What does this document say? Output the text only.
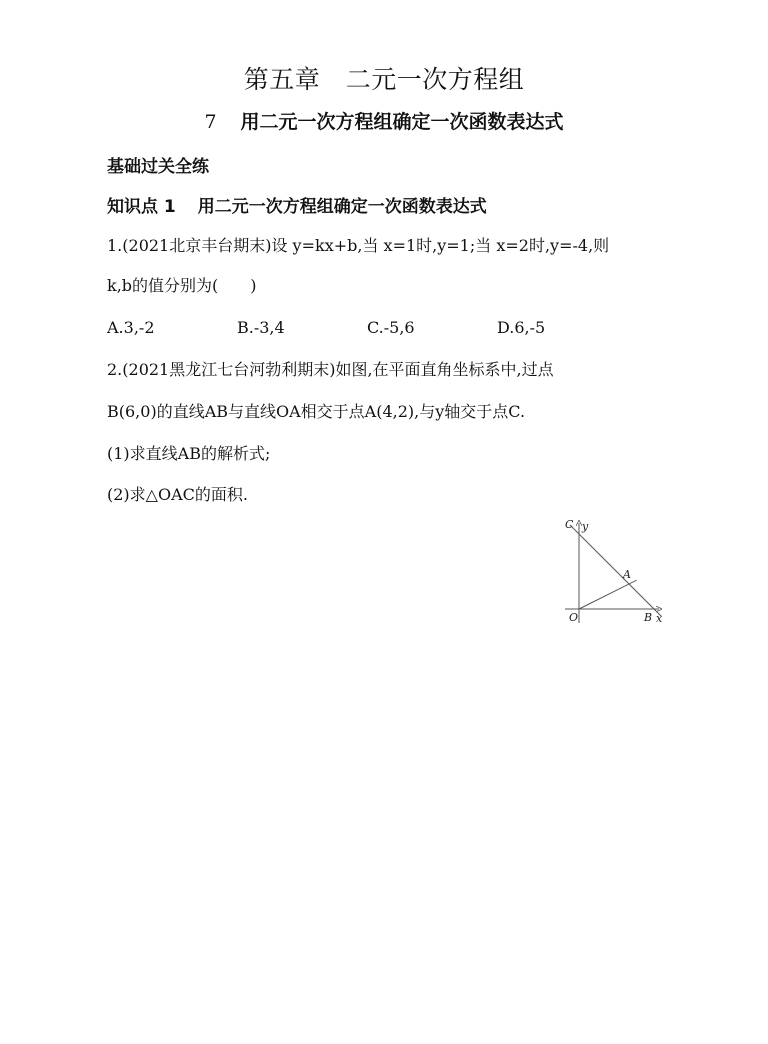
第五章　二元一次方程组
7 用二元一次方程组确定一次函数表达式
基础过关全练
知识点 1 用二元一次方程组确定一次函数表达式
1.(2021北京丰台期末)设 y=kx+b,当 x=1时,y=1;当 x=2时,y=-4,则
k,b的值分别为(　　)
A.3,-2	B.-3,4	C.-5,6	D.6,-5
2.(2021黑龙江七台河勃利期末)如图,在平面直角坐标系中,过点
B(6,0)的直线AB与直线OA相交于点A(4,2),与y轴交于点C.
(1)求直线AB的解析式;
(2)求△OAC的面积.
x
y
O
A
B
C
